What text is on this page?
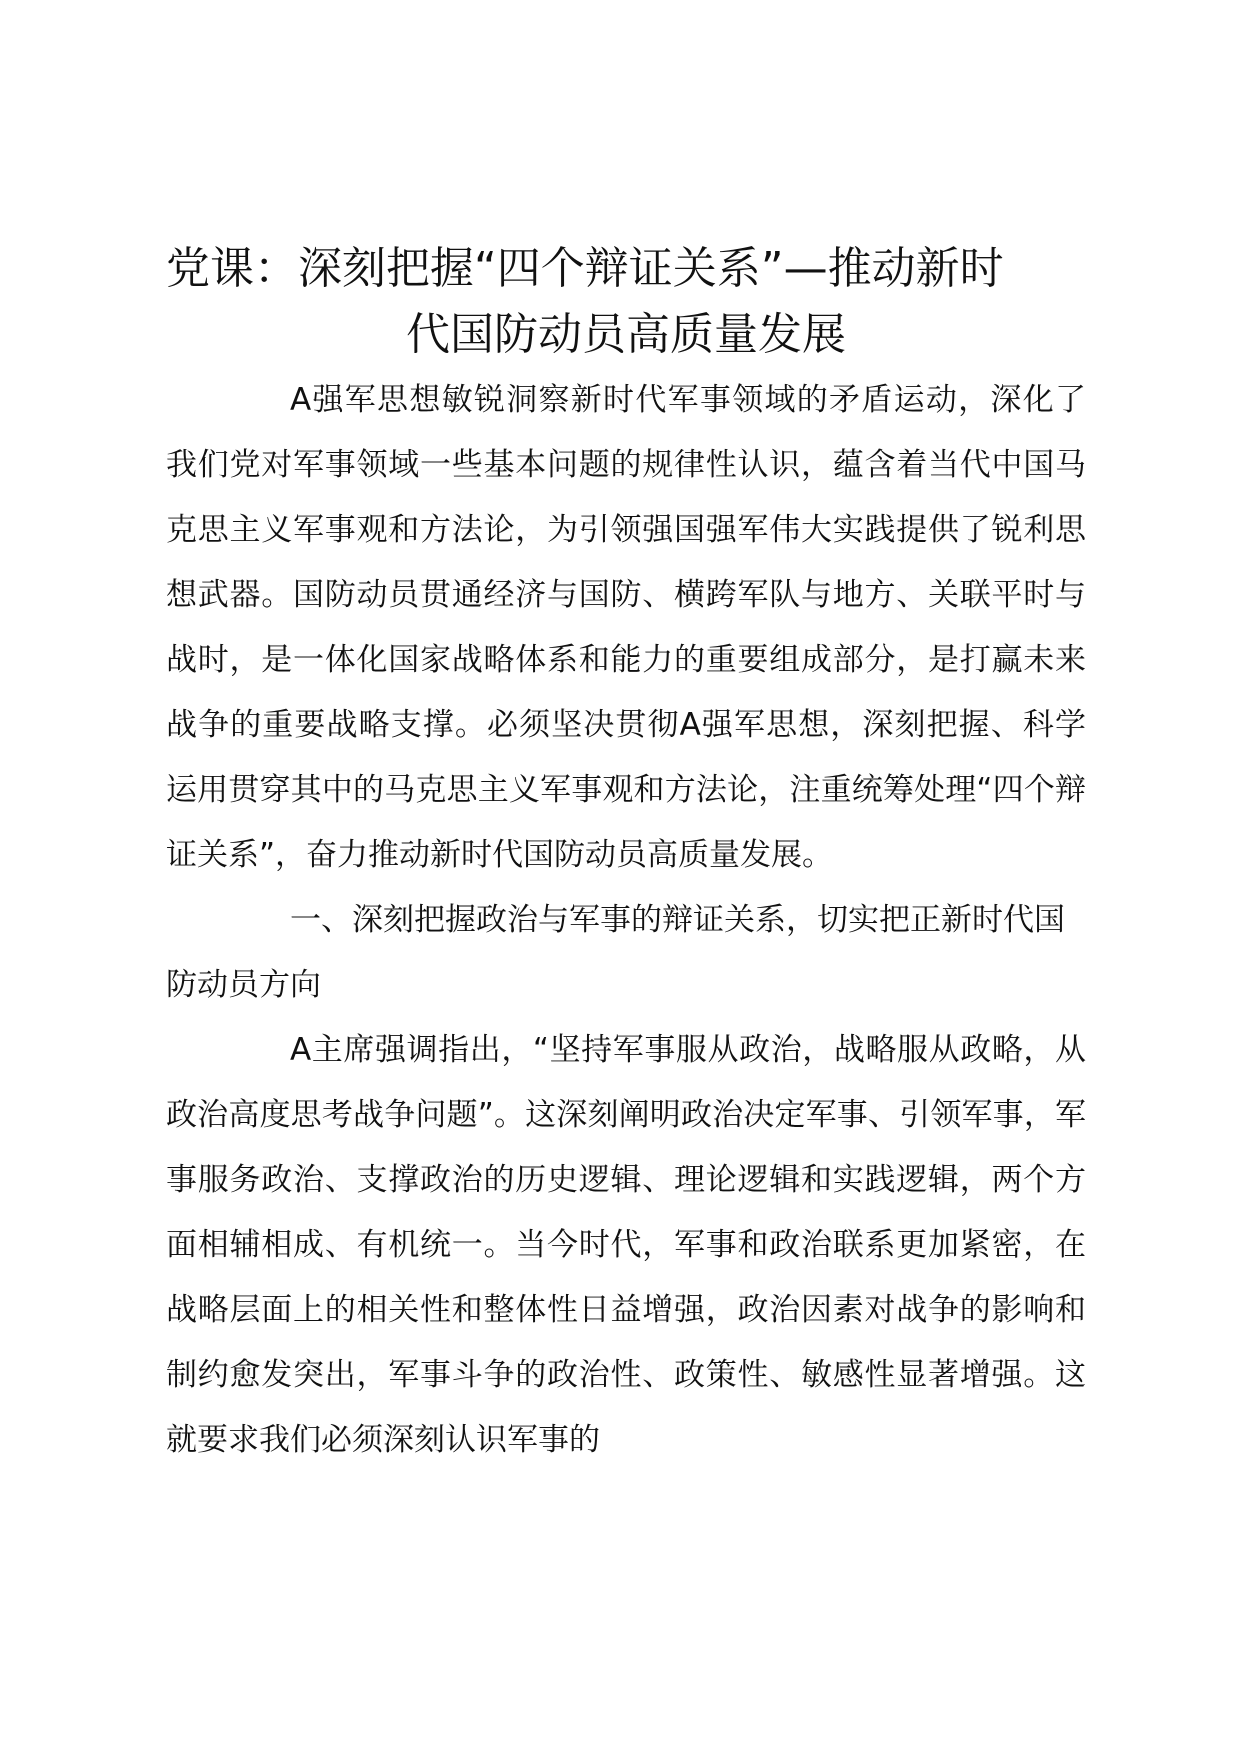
党课：深刻把握“四个辩证关系”—推动新时

代国防动员高质量发展

A强军思想敏锐洞察新时代军事领域的矛盾运动，深化了我们党对军事领域一些基本问题的规律性认识，蕴含着当代中国马克思主义军事观和方法论，为引领强国强军伟大实践提供了锐利思想武器。国防动员贯通经济与国防、横跨军队与地方、关联平时与战时，是一体化国家战略体系和能力的重要组成部分，是打赢未来战争的重要战略支撑。必须坚决贯彻A强军思想，深刻把握、科学运用贯穿其中的马克思主义军事观和方法论，注重统筹处理“四个辩证关系”，奋力推动新时代国防动员高质量发展。

一、深刻把握政治与军事的辩证关系，切实把正新时代国防动员方向

A主席强调指出，“坚持军事服从政治，战略服从政略，从政治高度思考战争问题”。这深刻阐明政治决定军事、引领军事，军事服务政治、支撑政治的历史逻辑、理论逻辑和实践逻辑，两个方面相辅相成、有机统一。当今时代，军事和政治联系更加紧密，在战略层面上的相关性和整体性日益增强，政治因素对战争的影响和制约愈发突出，军事斗争的政治性、政策性、敏感性显著增强。这就要求我们必须深刻认识军事的
